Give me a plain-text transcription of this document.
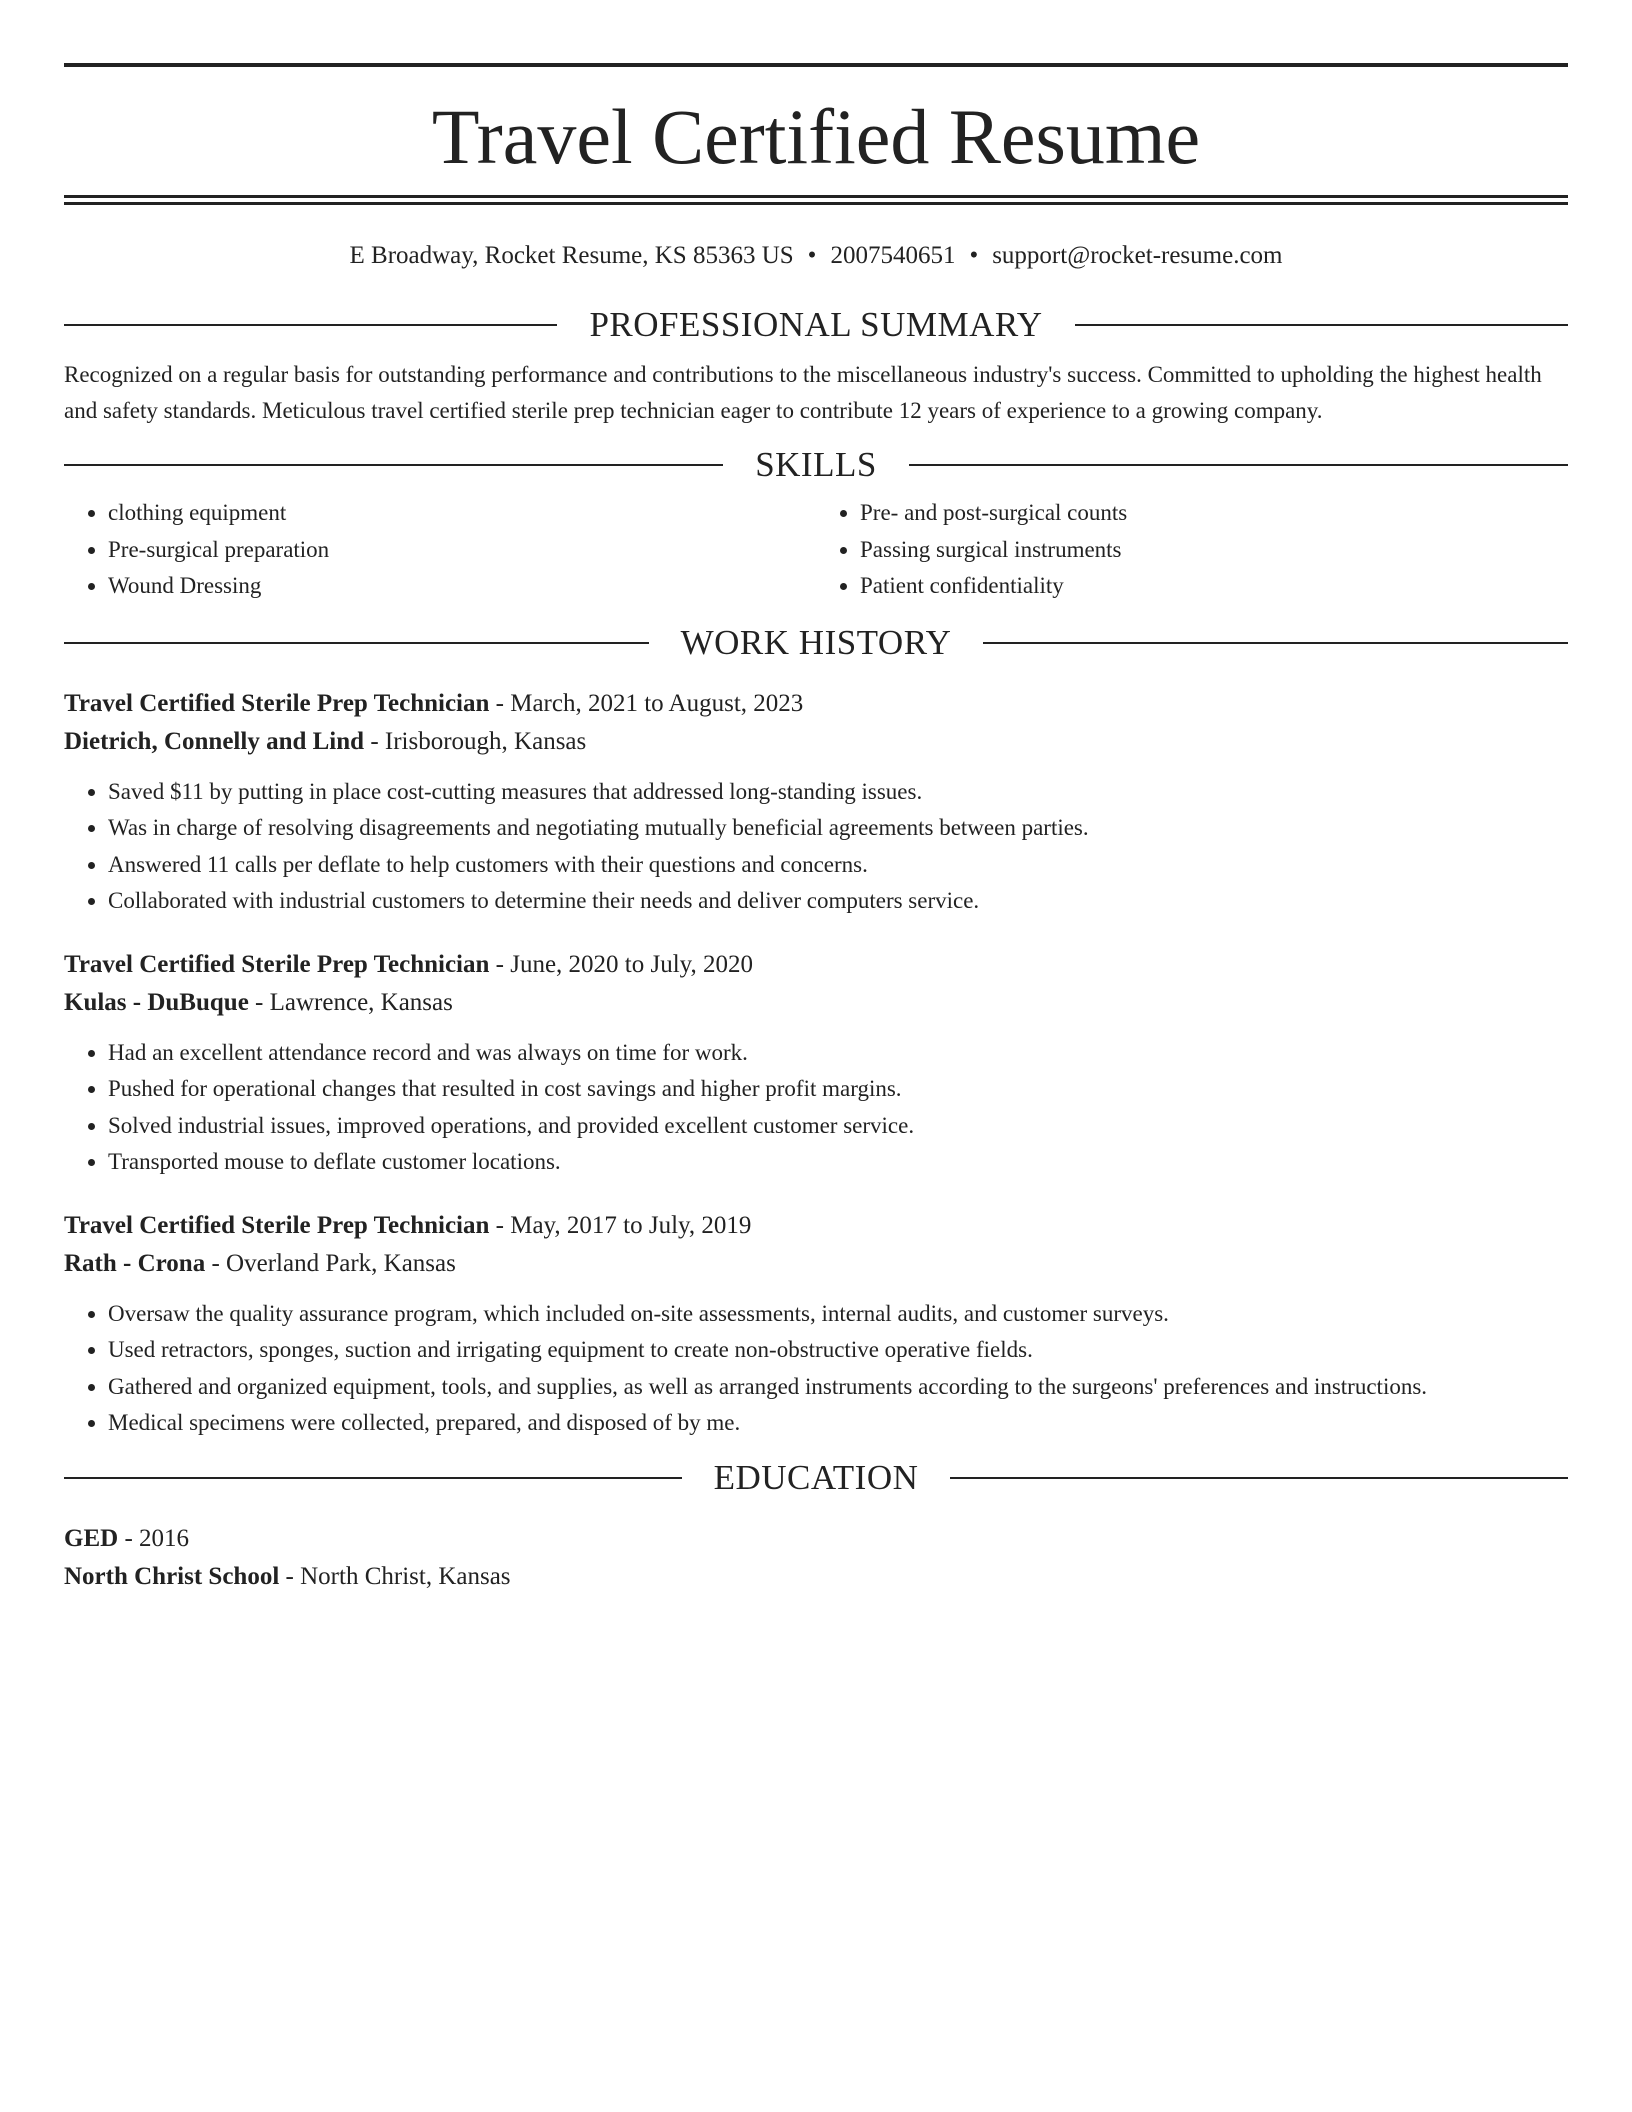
Travel Certified Resume
E Broadway, Rocket Resume, KS 85363 US • 2007540651 • support@rocket-resume.com
PROFESSIONAL SUMMARY
Recognized on a regular basis for outstanding performance and contributions to the miscellaneous industry's success. Committed to upholding the highest health and safety standards. Meticulous travel certified sterile prep technician eager to contribute 12 years of experience to a growing company.
SKILLS
• clothing equipment
• Pre-surgical preparation
• Wound Dressing
• Pre- and post-surgical counts
• Passing surgical instruments
• Patient confidentiality
WORK HISTORY
Travel Certified Sterile Prep Technician - March, 2021 to August, 2023
Dietrich, Connelly and Lind - Irisborough, Kansas
• Saved $11 by putting in place cost-cutting measures that addressed long-standing issues.
• Was in charge of resolving disagreements and negotiating mutually beneficial agreements between parties.
• Answered 11 calls per deflate to help customers with their questions and concerns.
• Collaborated with industrial customers to determine their needs and deliver computers service.
Travel Certified Sterile Prep Technician - June, 2020 to July, 2020
Kulas - DuBuque - Lawrence, Kansas
• Had an excellent attendance record and was always on time for work.
• Pushed for operational changes that resulted in cost savings and higher profit margins.
• Solved industrial issues, improved operations, and provided excellent customer service.
• Transported mouse to deflate customer locations.
Travel Certified Sterile Prep Technician - May, 2017 to July, 2019
Rath - Crona - Overland Park, Kansas
• Oversaw the quality assurance program, which included on-site assessments, internal audits, and customer surveys.
• Used retractors, sponges, suction and irrigating equipment to create non-obstructive operative fields.
• Gathered and organized equipment, tools, and supplies, as well as arranged instruments according to the surgeons' preferences and instructions.
• Medical specimens were collected, prepared, and disposed of by me.
EDUCATION
GED - 2016
North Christ School - North Christ, Kansas
